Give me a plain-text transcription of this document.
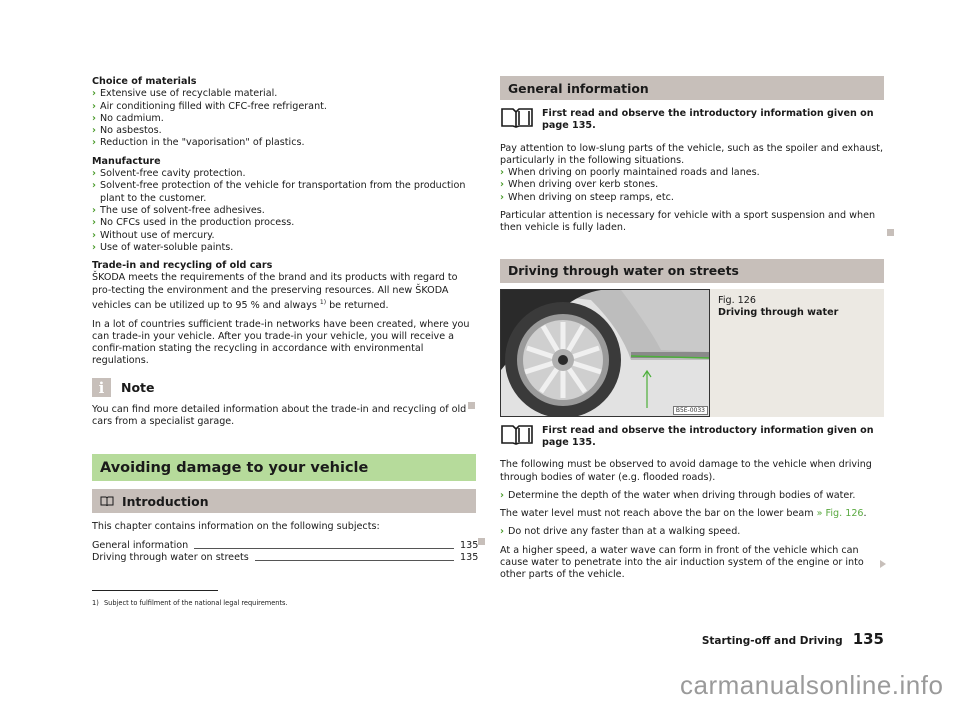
Choice of materials

› Extensive use of recyclable material.
› Air conditioning filled with CFC-free refrigerant.
› No cadmium.
› No asbestos.
› Reduction in the "vaporisation" of plastics.

Manufacture

› Solvent-free cavity protection.
› Solvent-free protection of the vehicle for transportation from the production plant to the customer.
› The use of solvent-free adhesives.
› No CFCs used in the production process.
› Without use of mercury.
› Use of water-soluble paints.

Trade-in and recycling of old cars

ŠKODA meets the requirements of the brand and its products with regard to pro-tecting the environment and the preserving resources. All new ŠKODA vehicles can be utilized up to 95 % and always $^{1)}$ be returned.

In a lot of countries sufficient trade-in networks have been created, where you can trade-in your vehicle. After you trade-in your vehicle, you will receive a confir-mation stating the recycling in accordance with environmental regulations.

i	Note

You can find more detailed information about the trade-in and recycling of old cars from a specialist garage.

Avoiding damage to your vehicle
Introduction

This chapter contains information on the following subjects:

General information	135
Driving through water on streets	135
General information
First read and observe the introductory information given on page 135.

Pay attention to low-slung parts of the vehicle, such as the spoiler and exhaust, particularly in the following situations.

› When driving on poorly maintained roads and lanes.
› When driving over kerb stones.
› When driving on steep ramps, etc.

Particular attention is necessary for vehicle with a sport suspension and when then vehicle is fully laden.

Driving through water on streets
B5E-0033
Fig. 126
Driving through water
First read and observe the introductory information given on page 135.

The following must be observed to avoid damage to the vehicle when driving through bodies of water (e.g. flooded roads).

› Determine the depth of the water when driving through bodies of water.

The water level must not reach above the bar on the lower beam » Fig. 126.

› Do not drive any faster than at a walking speed.

At a higher speed, a water wave can form in front of the vehicle which can cause water to penetrate into the air induction system of the engine or into other parts of the vehicle.

1) Subject to fulfilment of the national legal requirements.
Starting-off and Driving 135
carmanualsonline.info
